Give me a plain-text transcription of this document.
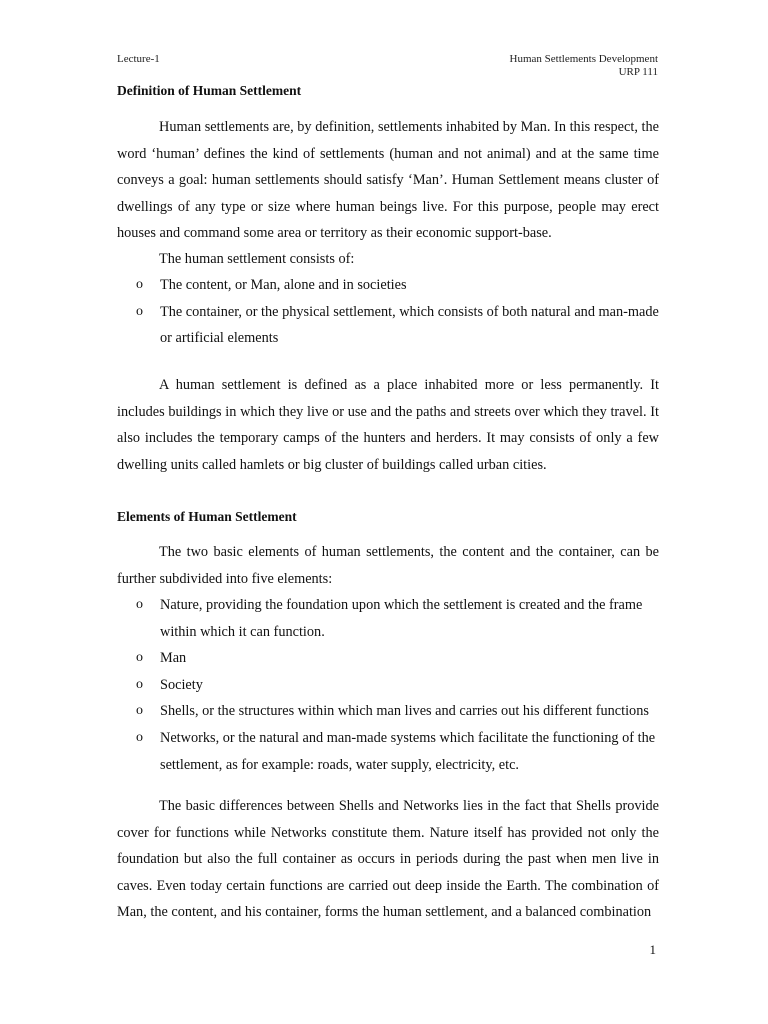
Lecture-1	Human Settlements Development
URP 111
Definition of Human Settlement

Human settlements are, by definition, settlements inhabited by Man. In this respect, the word ‘human’ defines the kind of settlements (human and not animal) and at the same time conveys a goal: human settlements should satisfy ‘Man’. Human Settlement means cluster of dwellings of any type or size where human beings live. For this purpose, people may erect houses and command some area or territory as their economic support-base.

The human settlement consists of:

o The content, or Man, alone and in societies
o The container, or the physical settlement, which consists of both natural and man-made or artificial elements

A human settlement is defined as a place inhabited more or less permanently. It includes buildings in which they live or use and the paths and streets over which they travel. It also includes the temporary camps of the hunters and herders. It may consists of only a few dwelling units called hamlets or big cluster of buildings called urban cities.

Elements of Human Settlement

The two basic elements of human settlements, the content and the container, can be further subdivided into five elements:

o Nature, providing the foundation upon which the settlement is created and the frame within which it can function.
o Man
o Society
o Shells, or the structures within which man lives and carries out his different functions
o Networks, or the natural and man-made systems which facilitate the functioning of the settlement, as for example: roads, water supply, electricity, etc.

The basic differences between Shells and Networks lies in the fact that Shells provide cover for functions while Networks constitute them. Nature itself has provided not only the foundation but also the full container as occurs in periods during the past when men live in caves. Even today certain functions are carried out deep inside the Earth. The combination of Man, the content, and his container, forms the human settlement, and a balanced combination

1
